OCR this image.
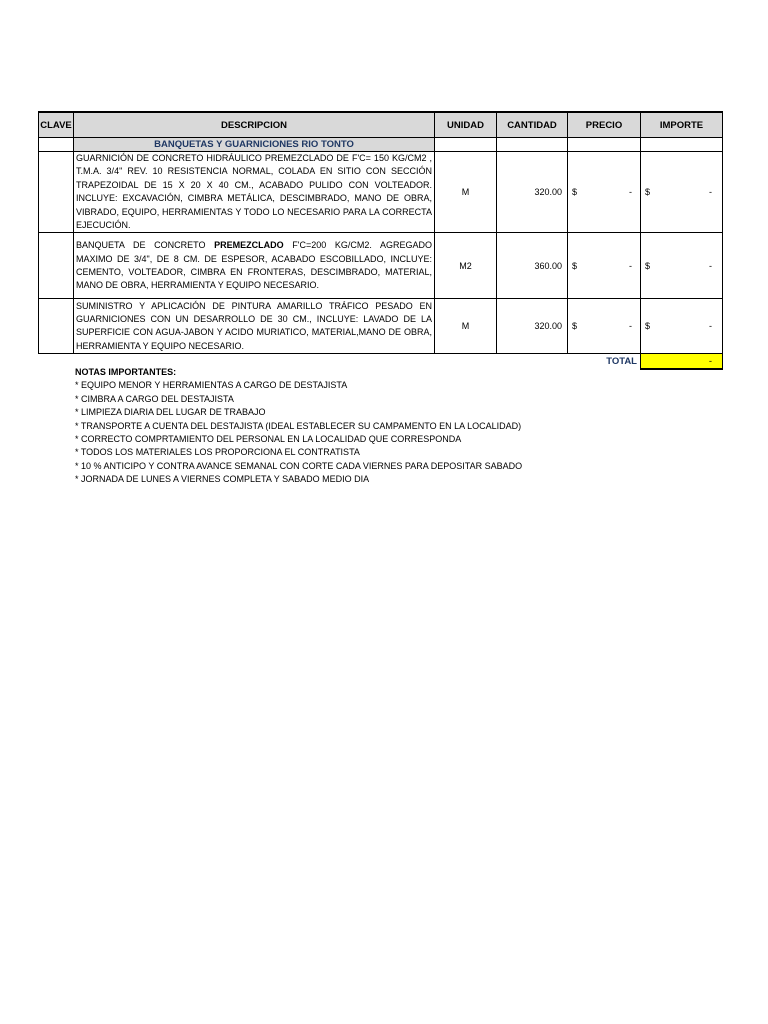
CLAVE	DESCRIPCION	UNIDAD	CANTIDAD	PRECIO	IMPORTE
	BANQUETAS Y GUARNICIONES RIO TONTO				
	GUARNICIÓN DE CONCRETO HIDRÁULICO PREMEZCLADO DE F'C= 150 KG/CM2 , T.M.A. 3/4" REV. 10 RESISTENCIA NORMAL, COLADA EN SITIO CON SECCIÓN TRAPEZOIDAL DE 15 X 20 X 40 CM., ACABADO PULIDO CON VOLTEADOR. INCLUYE: EXCAVACIÓN, CIMBRA METÁLICA, DESCIMBRADO, MANO DE OBRA, VIBRADO, EQUIPO, HERRAMIENTAS Y TODO LO NECESARIO PARA LA CORRECTA EJECUCIÓN.	M	320.00	$ -	$ -

	BANQUETA DE CONCRETO PREMEZCLADO F'C=200 KG/CM2. AGREGADO MAXIMO DE 3/4", DE 8 CM. DE ESPESOR, ACABADO ESCOBILLADO, INCLUYE: CEMENTO, VOLTEADOR, CIMBRA EN FRONTERAS, DESCIMBRADO, MATERIAL, MANO DE OBRA, HERRAMIENTA Y EQUIPO NECESARIO.	M2	360.00	$ -	$ -

	SUMINISTRO Y APLICACIÓN DE PINTURA AMARILLO TRÁFICO PESADO EN GUARNICIONES CON UN DESARROLLO DE 30 CM., INCLUYE: LAVADO DE LA SUPERFICIE CON AGUA-JABON Y ACIDO MURIATICO, MATERIAL,MANO DE OBRA, HERRAMIENTA Y EQUIPO NECESARIO.	M	320.00	$ -	$ -

TOTAL					-
NOTAS IMPORTANTES:
* EQUIPO MENOR Y HERRAMIENTAS A CARGO DE DESTAJISTA
* CIMBRA A CARGO DEL DESTAJISTA
* LIMPIEZA DIARIA DEL LUGAR DE TRABAJO
* TRANSPORTE A CUENTA DEL DESTAJISTA (IDEAL ESTABLECER SU CAMPAMENTO EN LA LOCALIDAD)
* CORRECTO COMPRTAMIENTO DEL PERSONAL EN LA LOCALIDAD QUE CORRESPONDA
* TODOS LOS MATERIALES LOS PROPORCIONA EL CONTRATISTA
* 10 % ANTICIPO Y CONTRA AVANCE SEMANAL CON CORTE CADA VIERNES PARA DEPOSITAR SABADO
* JORNADA DE LUNES A VIERNES COMPLETA Y SABADO MEDIO DIA
